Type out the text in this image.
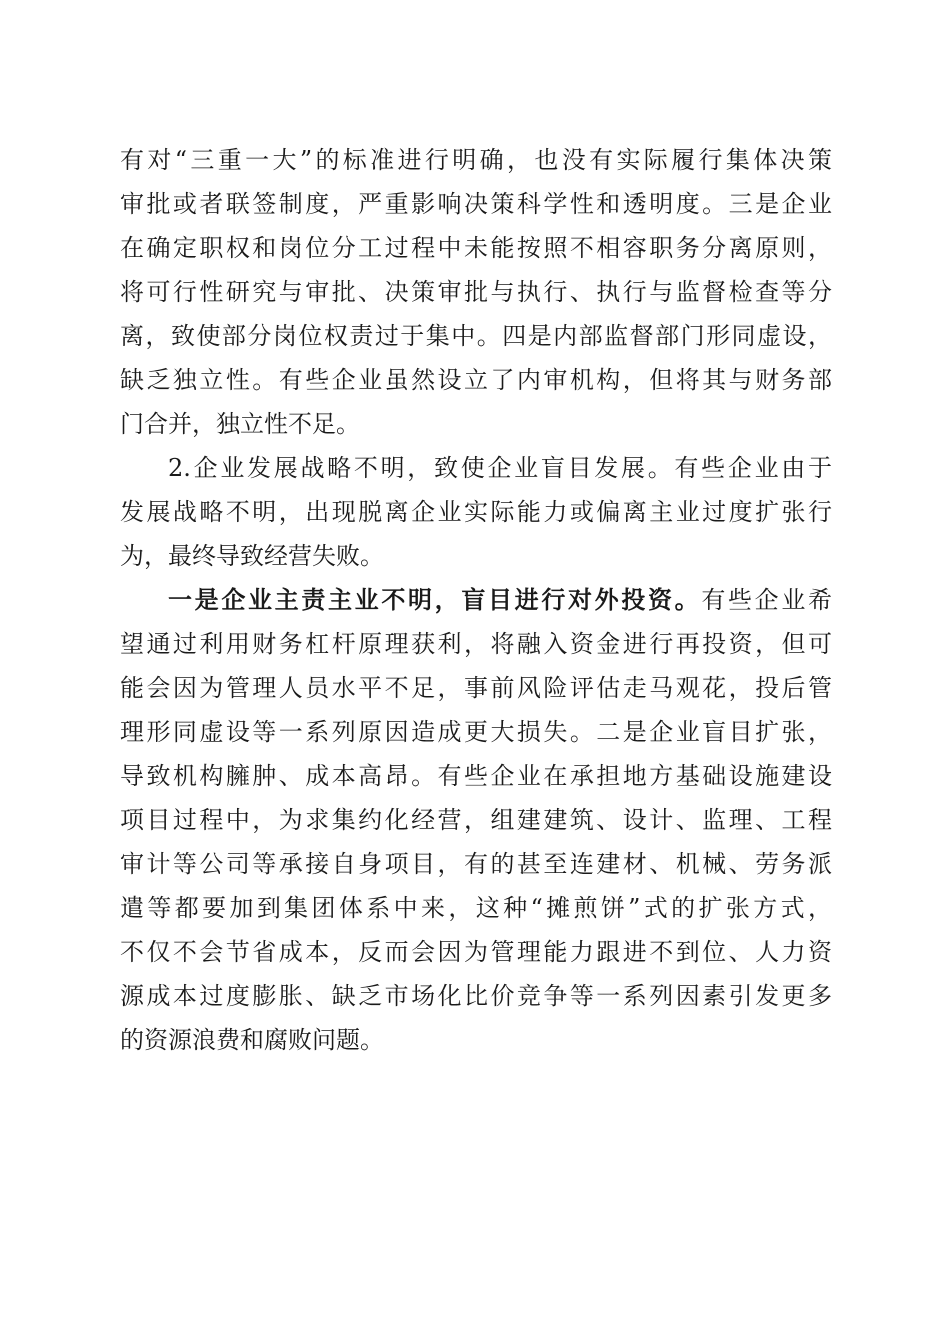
有对“三重一大”的标准进行明确，也没有实际履行集体决策
审批或者联签制度，严重影响决策科学性和透明度。三是企业
在确定职权和岗位分工过程中未能按照不相容职务分离原则，
将可行性研究与审批、决策审批与执行、执行与监督检查等分
离，致使部分岗位权责过于集中。四是内部监督部门形同虚设，
缺乏独立性。有些企业虽然设立了内审机构，但将其与财务部
门合并，独立性不足。
2.企业发展战略不明，致使企业盲目发展。有些企业由于
发展战略不明，出现脱离企业实际能力或偏离主业过度扩张行
为，最终导致经营失败。
一是企业主责主业不明，盲目进行对外投资。有些企业希
望通过利用财务杠杆原理获利，将融入资金进行再投资，但可
能会因为管理人员水平不足，事前风险评估走马观花，投后管
理形同虚设等一系列原因造成更大损失。二是企业盲目扩张，
导致机构臃肿、成本高昂。有些企业在承担地方基础设施建设
项目过程中，为求集约化经营，组建建筑、设计、监理、工程
审计等公司等承接自身项目，有的甚至连建材、机械、劳务派
遣等都要加到集团体系中来，这种“摊煎饼”式的扩张方式，
不仅不会节省成本，反而会因为管理能力跟进不到位、人力资
源成本过度膨胀、缺乏市场化比价竞争等一系列因素引发更多
的资源浪费和腐败问题。
